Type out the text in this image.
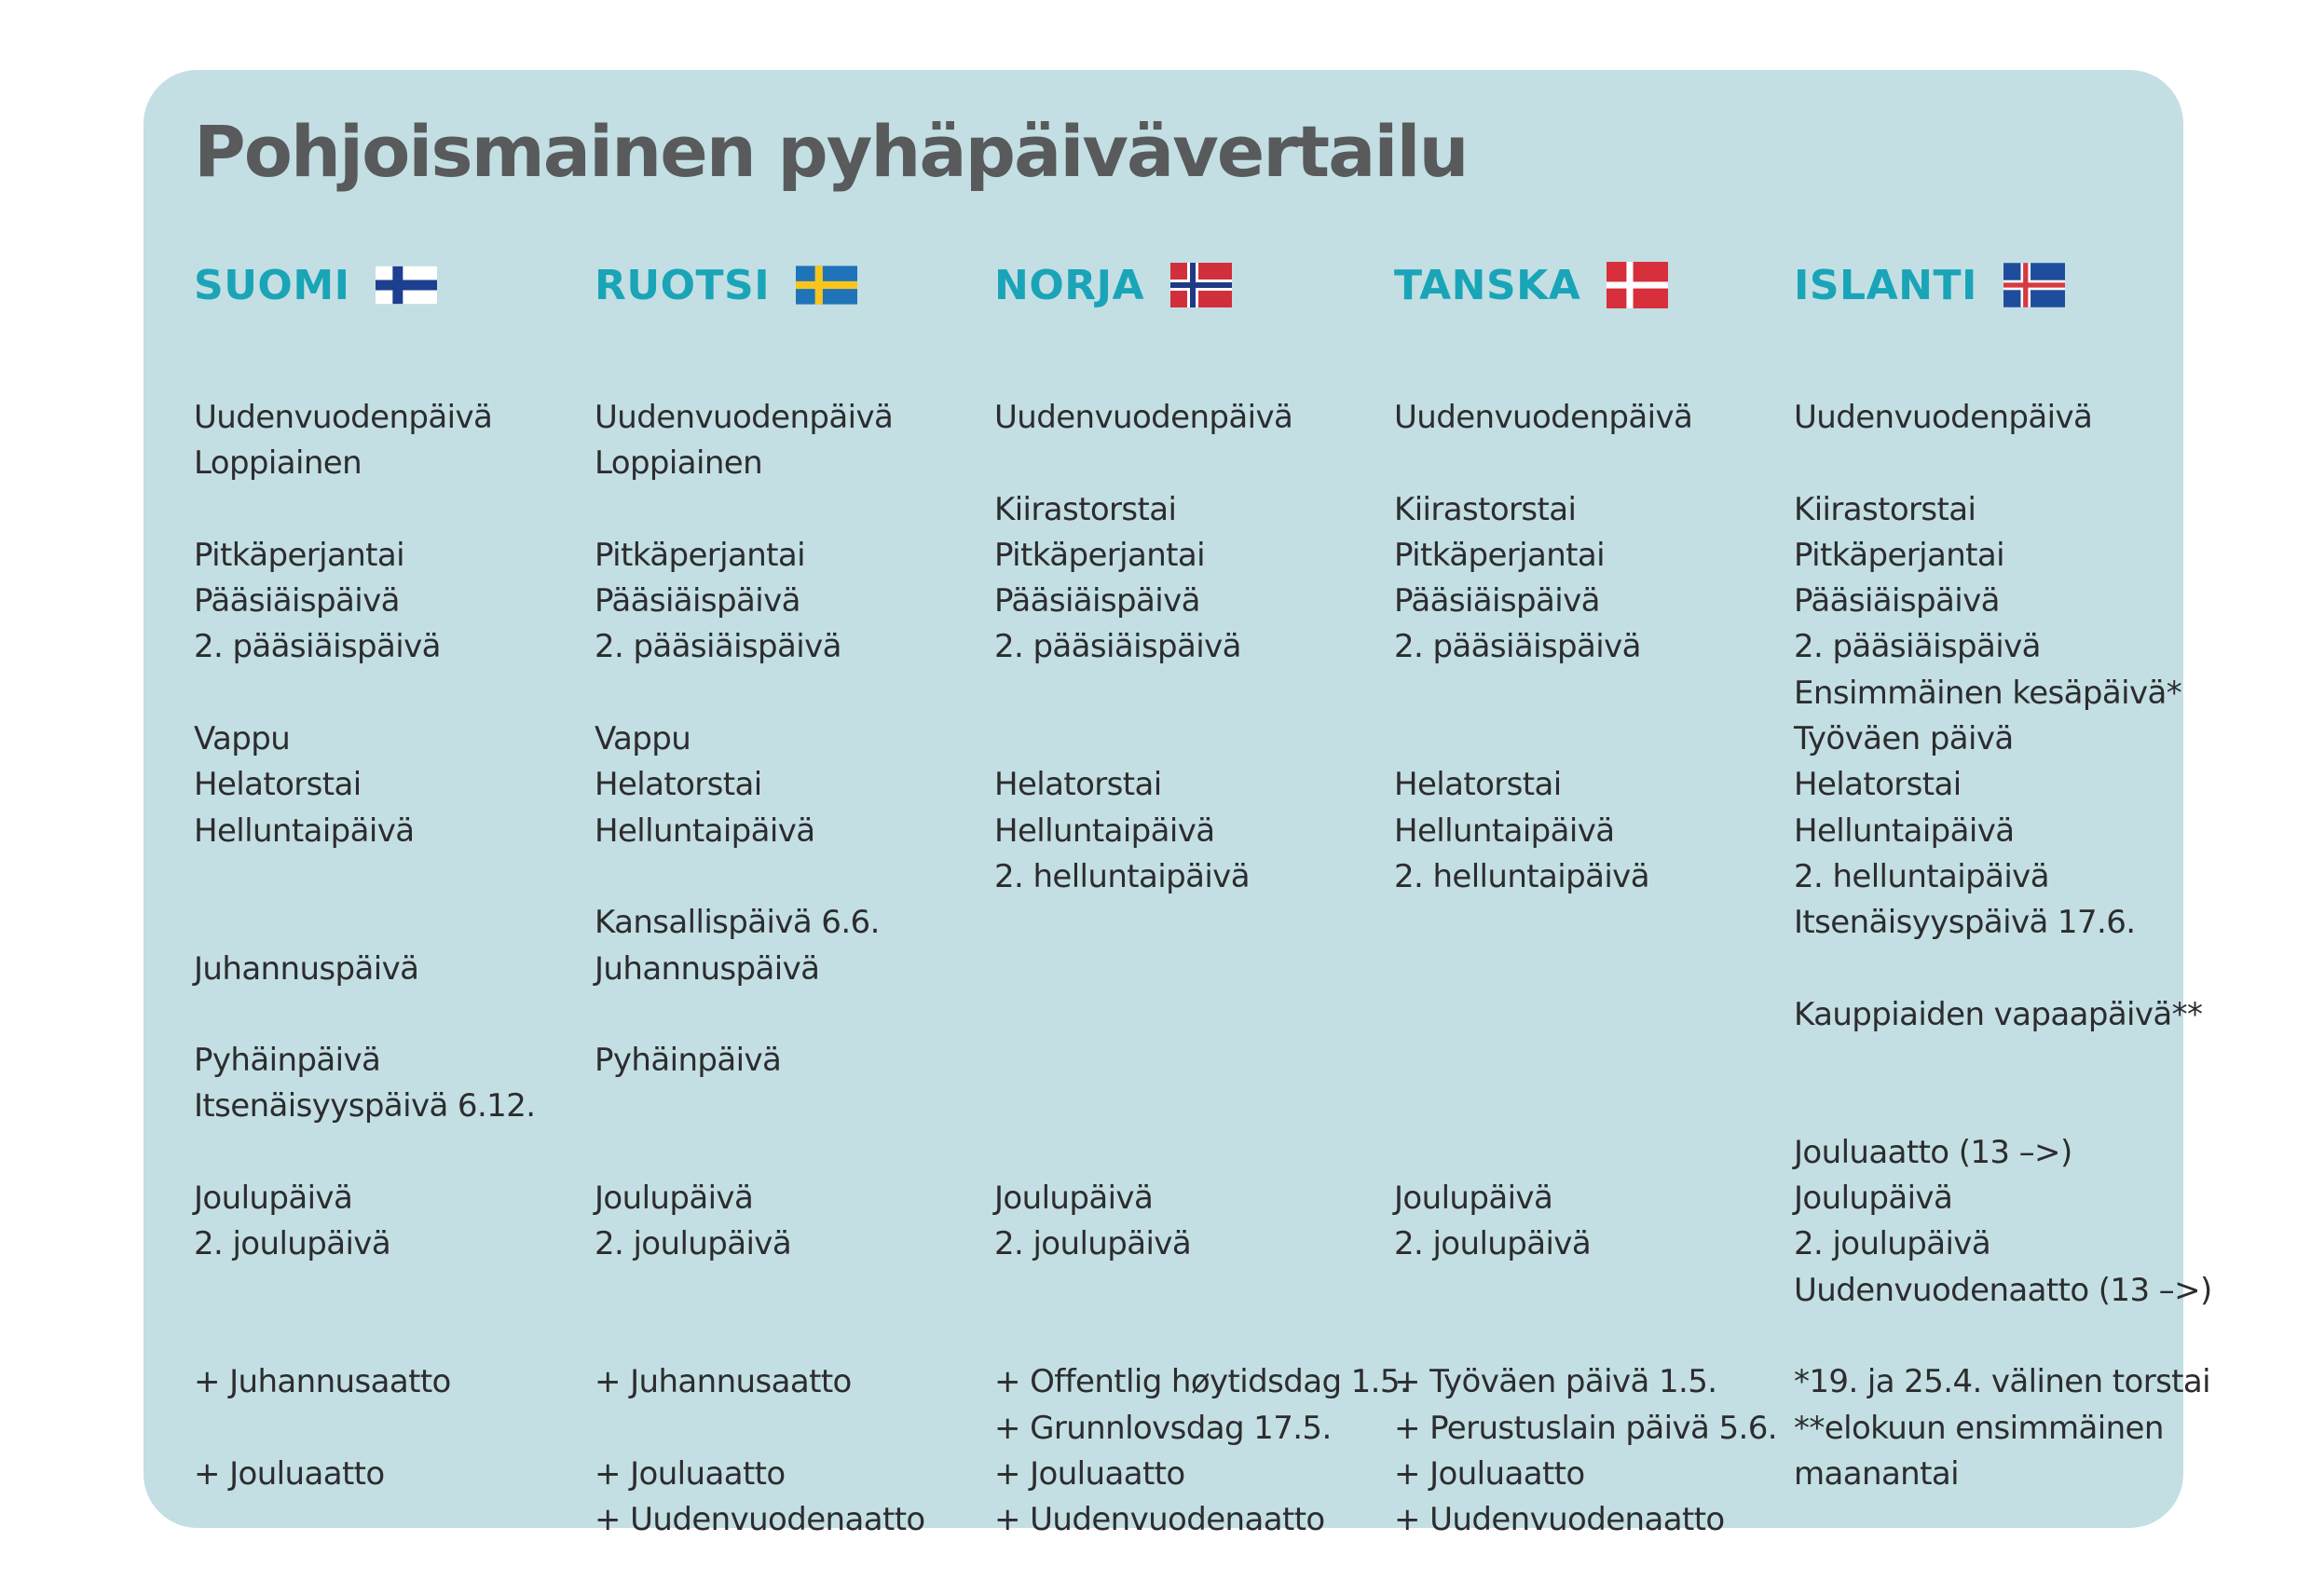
Pohjoismainen pyhäpäivävertailu
SUOMI
Uudenvuodenpäivä
Loppiainen
Pitkäperjantai
Pääsiäispäivä
2. pääsiäispäivä
Vappu
Helatorstai
Helluntaipäivä
Juhannuspäivä
Pyhäinpäivä
Itsenäisyyspäivä 6.12.
Joulupäivä
2. joulupäivä
+ Juhannusaatto
+ Jouluaatto
RUOTSI
Uudenvuodenpäivä
Loppiainen
Pitkäperjantai
Pääsiäispäivä
2. pääsiäispäivä
Vappu
Helatorstai
Helluntaipäivä
Kansallispäivä 6.6.
Juhannuspäivä
Pyhäinpäivä
Joulupäivä
2. joulupäivä
+ Juhannusaatto
+ Jouluaatto
+ Uudenvuodenaatto
NORJA
Uudenvuodenpäivä
Kiirastorstai
Pitkäperjantai
Pääsiäispäivä
2. pääsiäispäivä
Helatorstai
Helluntaipäivä
2. helluntaipäivä
Joulupäivä
2. joulupäivä
+ Offentlig høytidsdag 1.5.
+ Grunnlovsdag 17.5.
+ Jouluaatto
+ Uudenvuodenaatto
TANSKA
Uudenvuodenpäivä
Kiirastorstai
Pitkäperjantai
Pääsiäispäivä
2. pääsiäispäivä
Helatorstai
Helluntaipäivä
2. helluntaipäivä
Joulupäivä
2. joulupäivä
+ Työväen päivä 1.5.
+ Perustuslain päivä 5.6.
+ Jouluaatto
+ Uudenvuodenaatto
ISLANTI
Uudenvuodenpäivä
Kiirastorstai
Pitkäperjantai
Pääsiäispäivä
2. pääsiäispäivä
Ensimmäinen kesäpäivä*
Työväen päivä
Helatorstai
Helluntaipäivä
2. helluntaipäivä
Itsenäisyyspäivä 17.6.
Kauppiaiden vapaapäivä**
Jouluaatto (13 –>)
Joulupäivä
2. joulupäivä
Uudenvuodenaatto (13 –>)
*19. ja 25.4. välinen torstai
**elokuun ensimmäinen
maanantai
